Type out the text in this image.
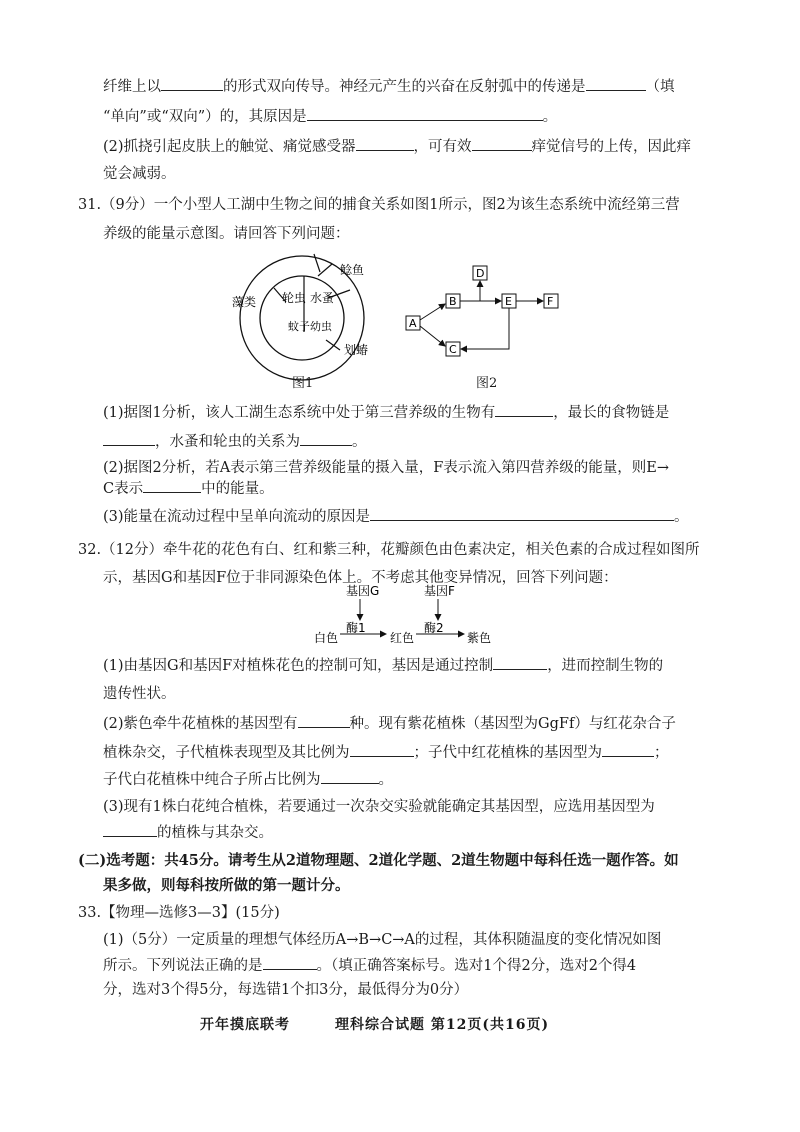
纤维上以	的形式双向传导。神经元产生的兴奋在反射弧中的传递是	（填
“单向”或“双向”）的，其原因是	。
(2)抓挠引起皮肤上的触觉、痛觉感受器	，可有效	痒觉信号的上传，因此痒
觉会减弱。
31.（9分）一个小型人工湖中生物之间的捕食关系如图1所示，图2为该生态系统中流经第三营
养级的能量示意图。请回答下列问题：
藻类 轮虫 水蚤
蚊子幼虫
鲶鱼
划蝽
图1
A
B
C
D
E	F
图2
(1)据图1分析，该人工湖生态系统中处于第三营养级的生物有	，最长的食物链是
，水蚤和轮虫的关系为	。
(2)据图2分析，若A表示第三营养级能量的摄入量，F表示流入第四营养级的能量，则E→
C表示	中的能量。
(3)能量在流动过程中呈单向流动的原因是	。
32.（12分）牵牛花的花色有白、红和紫三种，花瓣颜色由色素决定，相关色素的合成过程如图所
示，基因G和基因F位于非同源染色体上。不考虑其他变异情况，回答下列问题：
基因G	基因F
酶1	酶2
白色	红色	紫色
(1)由基因G和基因F对植株花色的控制可知，基因是通过控制	，进而控制生物的
遗传性状。
(2)紫色牵牛花植株的基因型有	种。现有紫花植株（基因型为GgFf）与红花杂合子
植株杂交，子代植株表现型及其比例为	；子代中红花植株的基因型为	；
子代白花植株中纯合子所占比例为	。
(3)现有1株白花纯合植株，若要通过一次杂交实验就能确定其基因型，应选用基因型为
的植株与其杂交。
(二)选考题：共45分。请考生从2道物理题、2道化学题、2道生物题中每科任选一题作答。如
果多做，则每科按所做的第一题计分。
33.【物理—选修3—3】(15分)
(1)（5分）一定质量的理想气体经历A→B→C→A的过程，其体积随温度的变化情况如图
所示。下列说法正确的是	。（填正确答案标号。选对1个得2分，选对2个得4
分，选对3个得5分，每选错1个扣3分，最低得分为0分）
开年摸底联考	理科综合试题 第12页(共16页)
